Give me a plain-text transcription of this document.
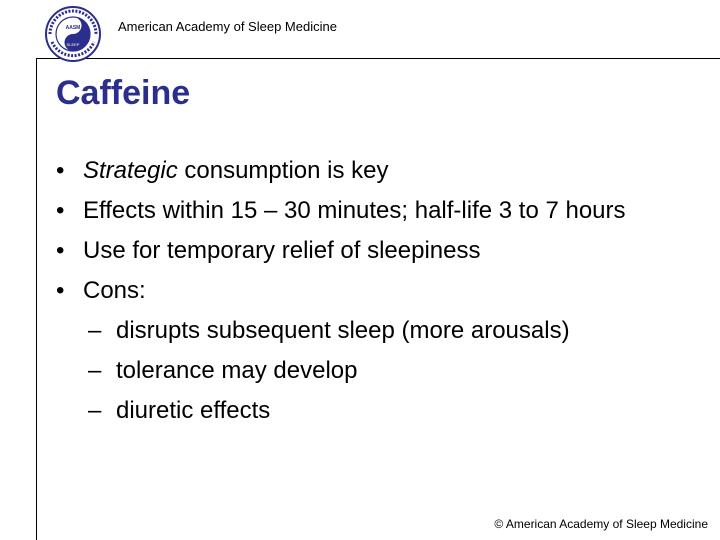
AASM
SLEEP
American Academy of Sleep Medicine
Caffeine
• Strategic consumption is key
• Effects within 15 – 30 minutes; half-life 3 to 7 hours
• Use for temporary relief of sleepiness
• Cons:
– disrupts subsequent sleep (more arousals)
– tolerance may develop
– diuretic effects
© American Academy of Sleep Medicine
